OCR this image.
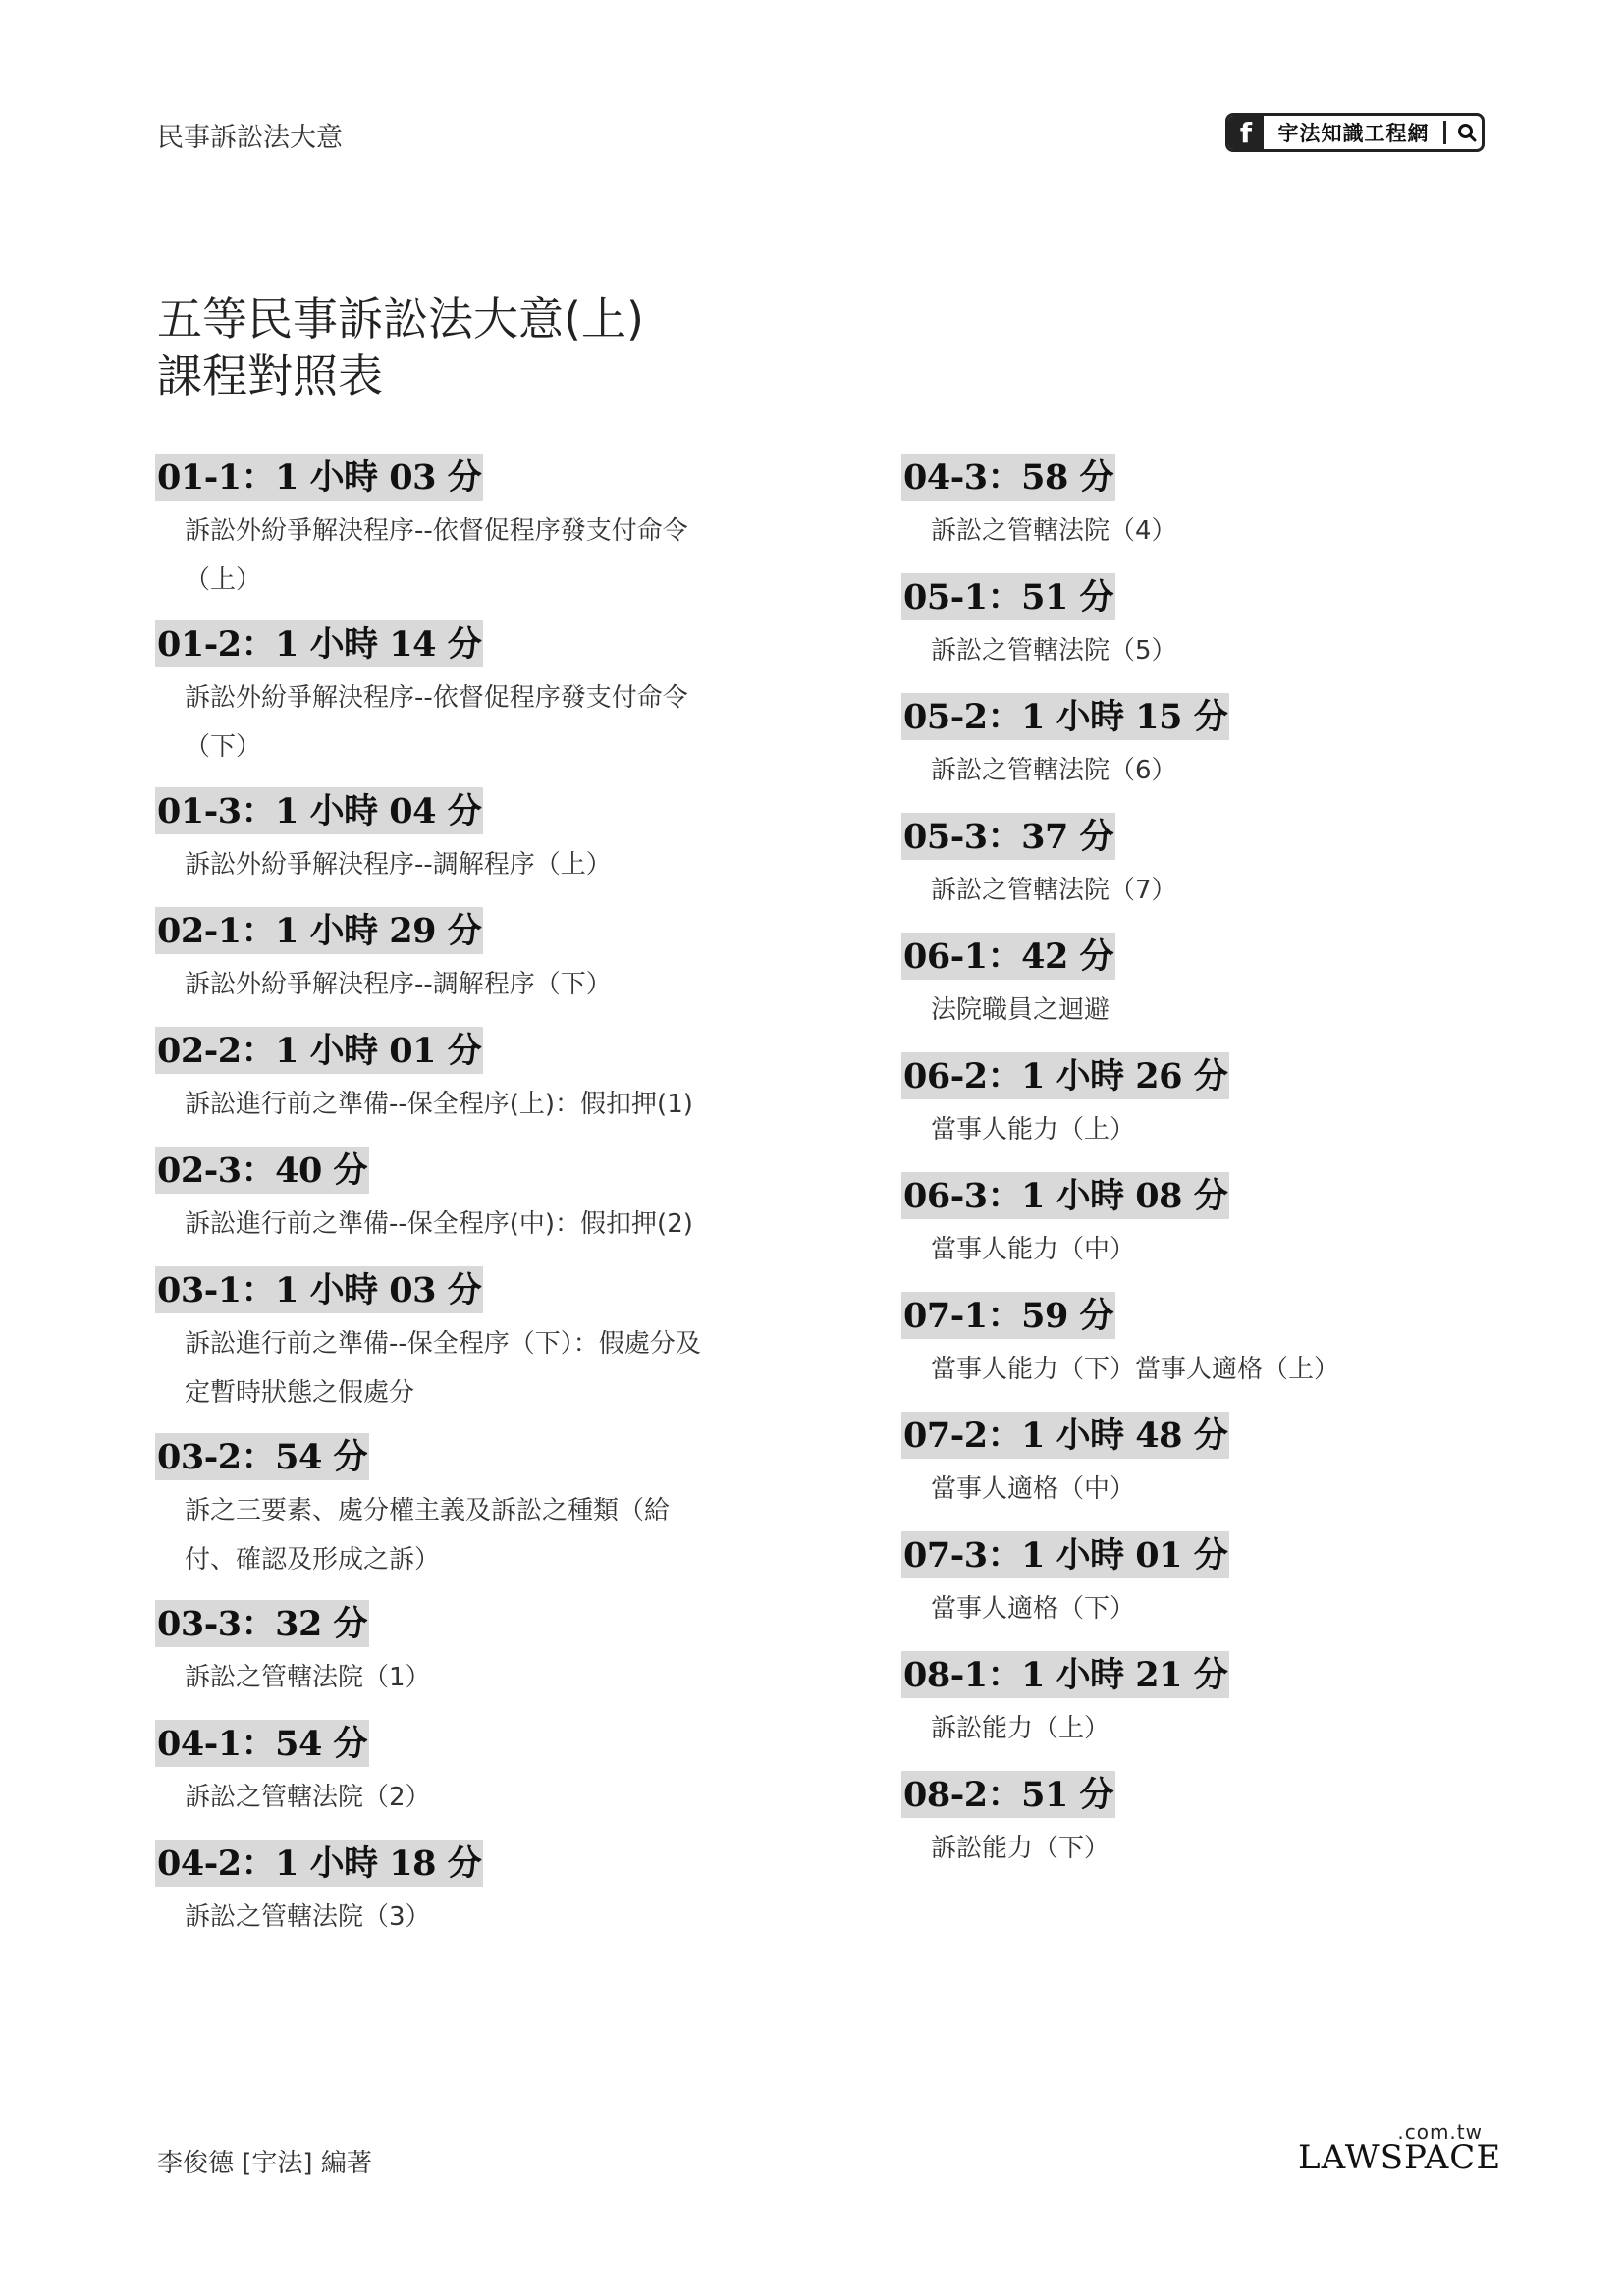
民事訴訟法大意	f	宇法知識工程網
五等民事訴訟法大意(上)
課程對照表
01-1：1 小時 03 分
訴訟外紛爭解決程序--依督促程序發支付命令
（上）
01-2：1 小時 14 分
訴訟外紛爭解決程序--依督促程序發支付命令
（下）
01-3：1 小時 04 分
訴訟外紛爭解決程序--調解程序（上）
02-1：1 小時 29 分
訴訟外紛爭解決程序--調解程序（下）
02-2：1 小時 01 分
訴訟進行前之準備--保全程序(上)：假扣押(1)
02-3：40 分
訴訟進行前之準備--保全程序(中)：假扣押(2)
03-1：1 小時 03 分
訴訟進行前之準備--保全程序（下）：假處分及
定暫時狀態之假處分
03-2：54 分
訴之三要素、處分權主義及訴訟之種類（給
付、確認及形成之訴）
03-3：32 分
訴訟之管轄法院（1）
04-1：54 分
訴訟之管轄法院（2）
04-2：1 小時 18 分
訴訟之管轄法院（3）
04-3：58 分
訴訟之管轄法院（4）
05-1：51 分
訴訟之管轄法院（5）
05-2：1 小時 15 分
訴訟之管轄法院（6）
05-3：37 分
訴訟之管轄法院（7）
06-1：42 分
法院職員之迴避
06-2：1 小時 26 分
當事人能力（上）
06-3：1 小時 08 分
當事人能力（中）
07-1：59 分
當事人能力（下）當事人適格（上）
07-2：1 小時 48 分
當事人適格（中）
07-3：1 小時 01 分
當事人適格（下）
08-1：1 小時 21 分
訴訟能力（上）
08-2：51 分
訴訟能力（下）
李俊德 [宇法] 編著
.com.tw
LAWSPACE
